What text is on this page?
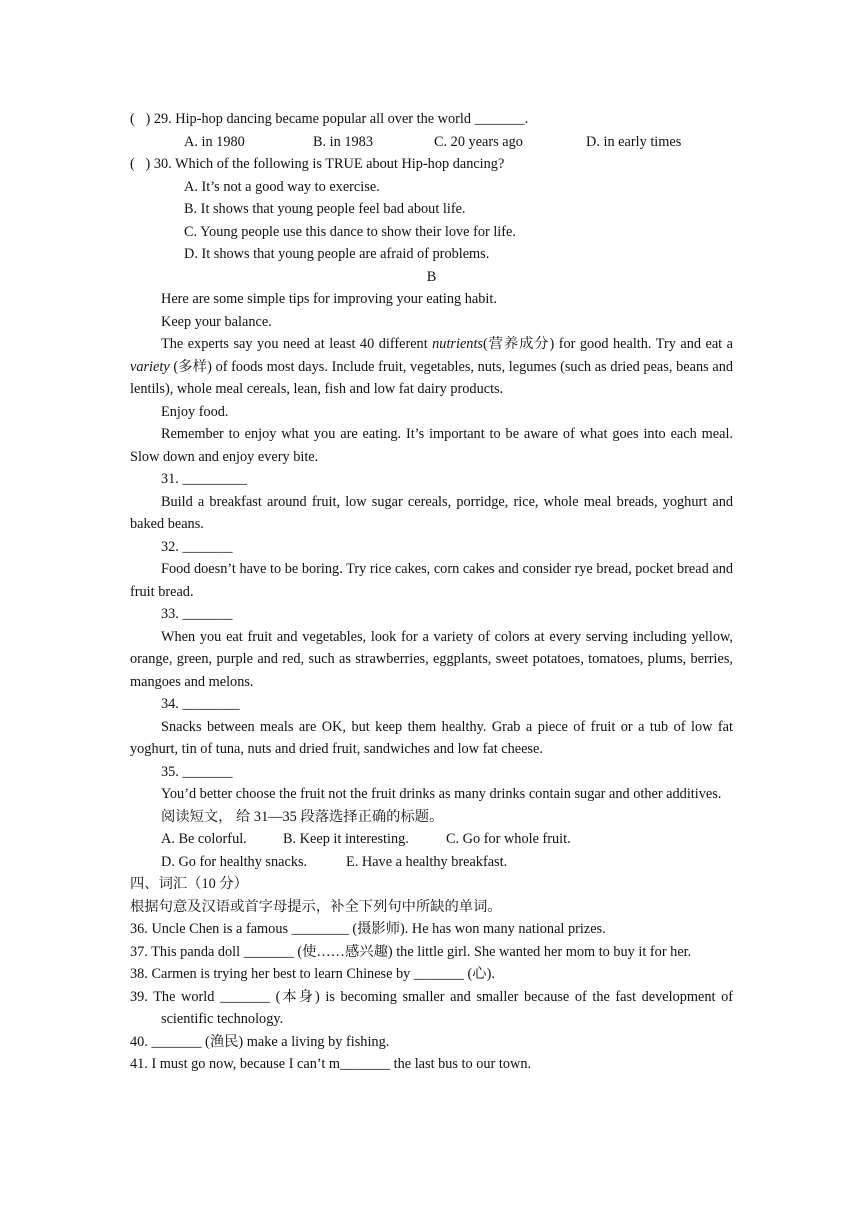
(   ) 29. Hip-hop dancing became popular all over the world _______.
A. in 1980	B. in 1983	C. 20 years ago	D. in early times
(   ) 30. Which of the following is TRUE about Hip-hop dancing?
A. It’s not a good way to exercise.
B. It shows that young people feel bad about life.
C. Young people use this dance to show their love for life.
D. It shows that young people are afraid of problems.
B
Here are some simple tips for improving your eating habit.
Keep your balance.
The experts say you need at least 40 different nutrients(营养成分) for good health. Try and eat a variety (多样) of foods most days. Include fruit, vegetables, nuts, legumes (such as dried peas, beans and lentils), whole meal cereals, lean, fish and low fat dairy products.
Enjoy food.
Remember to enjoy what you are eating. It’s important to be aware of what goes into each meal. Slow down and enjoy every bite.
31. _________
Build a breakfast around fruit, low sugar cereals, porridge, rice, whole meal breads, yoghurt and baked beans.
32. _______
Food doesn’t have to be boring. Try rice cakes, corn cakes and consider rye bread, pocket bread and fruit bread.
33. _______
When you eat fruit and vegetables, look for a variety of colors at every serving including yellow, orange, green, purple and red, such as strawberries, eggplants, sweet potatoes, tomatoes, plums, berries, mangoes and melons.
34. ________
Snacks between meals are OK, but keep them healthy. Grab a piece of fruit or a tub of low fat yoghurt, tin of tuna, nuts and dried fruit, sandwiches and low fat cheese.
35. _______
You’d better choose the fruit not the fruit drinks as many drinks contain sugar and other additives.
阅读短文， 给 31—35 段落选择正确的标题。
A. Be colorful.	B. Keep it interesting.	C. Go for whole fruit.
D. Go for healthy snacks.	E. Have a healthy breakfast.
四、词汇（10 分）
根据句意及汉语或首字母提示，补全下列句中所缺的单词。
36. Uncle Chen is a famous ________ (摄影师). He has won many national prizes.
37. This panda doll _______ (使……感兴趣) the little girl. She wanted her mom to buy it for her.
38. Carmen is trying her best to learn Chinese by _______ (心).
39. The world _______ (本身) is becoming smaller and smaller because of the fast development of scientific technology.
40. _______ (渔民) make a living by fishing.
41. I must go now, because I can’t m_______ the last bus to our town.
